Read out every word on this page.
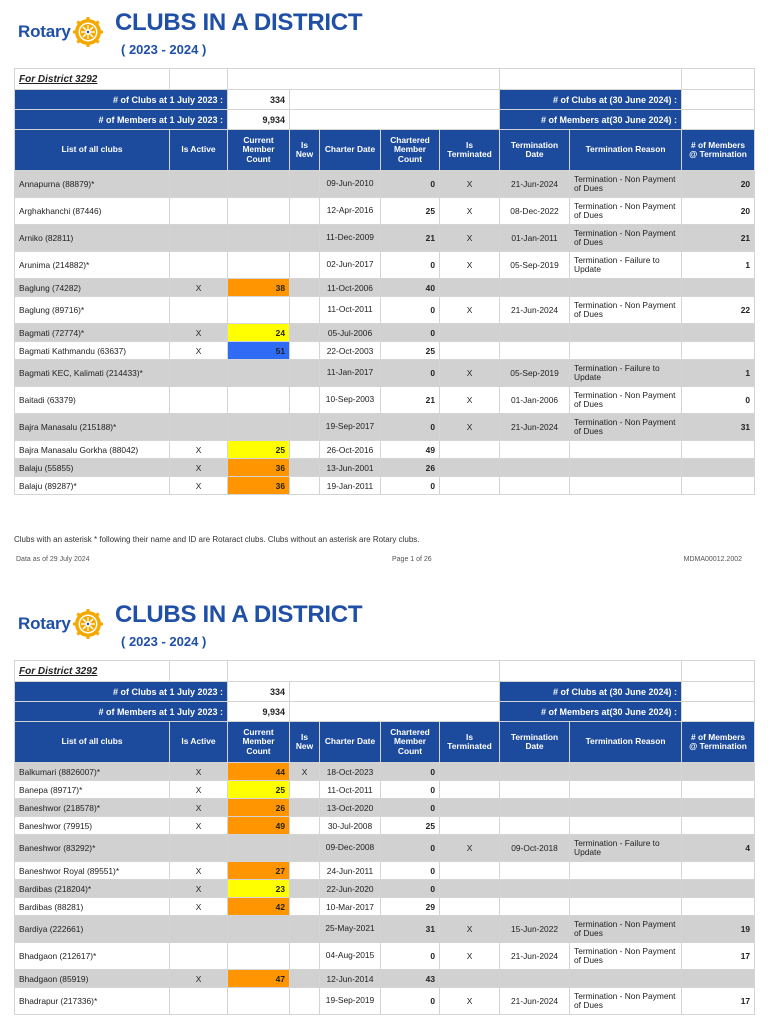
Rotary CLUBS IN A DISTRICT
( 2023 - 2024 )
For District 3292									
# of Clubs at 1 July 2023 :		334					# of Clubs at (30 June 2024) :		
# of Members at 1 July 2023 :		9,934					# of Members at(30 June 2024) :		
List of all clubs	Is Active	Current Member Count	Is New	Charter Date	Chartered Member Count	Is Terminated	Termination Date	Termination Reason	# of Members @ Termination
Annapurna (88879)*				09-Jun-2010	0	X	21-Jun-2024	Termination - Non Payment of Dues	20
Arghakhanchi (87446)				12-Apr-2016	25	X	08-Dec-2022	Termination - Non Payment of Dues	20
Arniko (82811)				11-Dec-2009	21	X	01-Jan-2011	Termination - Non Payment of Dues	21
Arunima (214882)*				02-Jun-2017	0	X	05-Sep-2019	Termination - Failure to Update	1
Baglung (74282)	X	38		11-Oct-2006	40				
Baglung (89716)*				11-Oct-2011	0	X	21-Jun-2024	Termination - Non Payment of Dues	22
Bagmati (72774)*	X	24		05-Jul-2006	0				
Bagmati Kathmandu (63637)	X	51		22-Oct-2003	25				
Bagmati KEC, Kalimati (214433)*				11-Jan-2017	0	X	05-Sep-2019	Termination - Failure to Update	1
Baitadi (63379)				10-Sep-2003	21	X	01-Jan-2006	Termination - Non Payment of Dues	0
Bajra Manasalu (215188)*				19-Sep-2017	0	X	21-Jun-2024	Termination - Non Payment of Dues	31
Bajra Manasalu Gorkha (88042)	X	25		26-Oct-2016	49				
Balaju (55855)	X	36		13-Jun-2001	26				
Balaju (89287)*	X	36		19-Jan-2011	0				
Clubs with an asterisk * following their name and ID are Rotaract clubs. Clubs without an asterisk are Rotary clubs.
Data as of 29 July 2024	Page 1 of 26	MDMA00012.2002
Rotary CLUBS IN A DISTRICT
( 2023 - 2024 )
For District 3292									
# of Clubs at 1 July 2023 :		334					# of Clubs at (30 June 2024) :		
# of Members at 1 July 2023 :		9,934					# of Members at(30 June 2024) :		
List of all clubs	Is Active	Current Member Count	Is New	Charter Date	Chartered Member Count	Is Terminated	Termination Date	Termination Reason	# of Members @ Termination
Balkumari (8826007)*	X	44	X	18-Oct-2023	0				
Banepa (89717)*	X	25		11-Oct-2011	0				
Baneshwor (218578)*	X	26		13-Oct-2020	0				
Baneshwor (79915)	X	49		30-Jul-2008	25				
Baneshwor (83292)*				09-Dec-2008	0	X	09-Oct-2018	Termination - Failure to Update	4
Baneshwor Royal (89551)*	X	27		24-Jun-2011	0				
Bardibas (218204)*	X	23		22-Jun-2020	0				
Bardibas (88281)	X	42		10-Mar-2017	29				
Bardiya (222661)				25-May-2021	31	X	15-Jun-2022	Termination - Non Payment of Dues	19
Bhadgaon (212617)*				04-Aug-2015	0	X	21-Jun-2024	Termination - Non Payment of Dues	17
Bhadgaon (85919)	X	47		12-Jun-2014	43				
Bhadrapur (217336)*				19-Sep-2019	0	X	21-Jun-2024	Termination - Non Payment of Dues	17
